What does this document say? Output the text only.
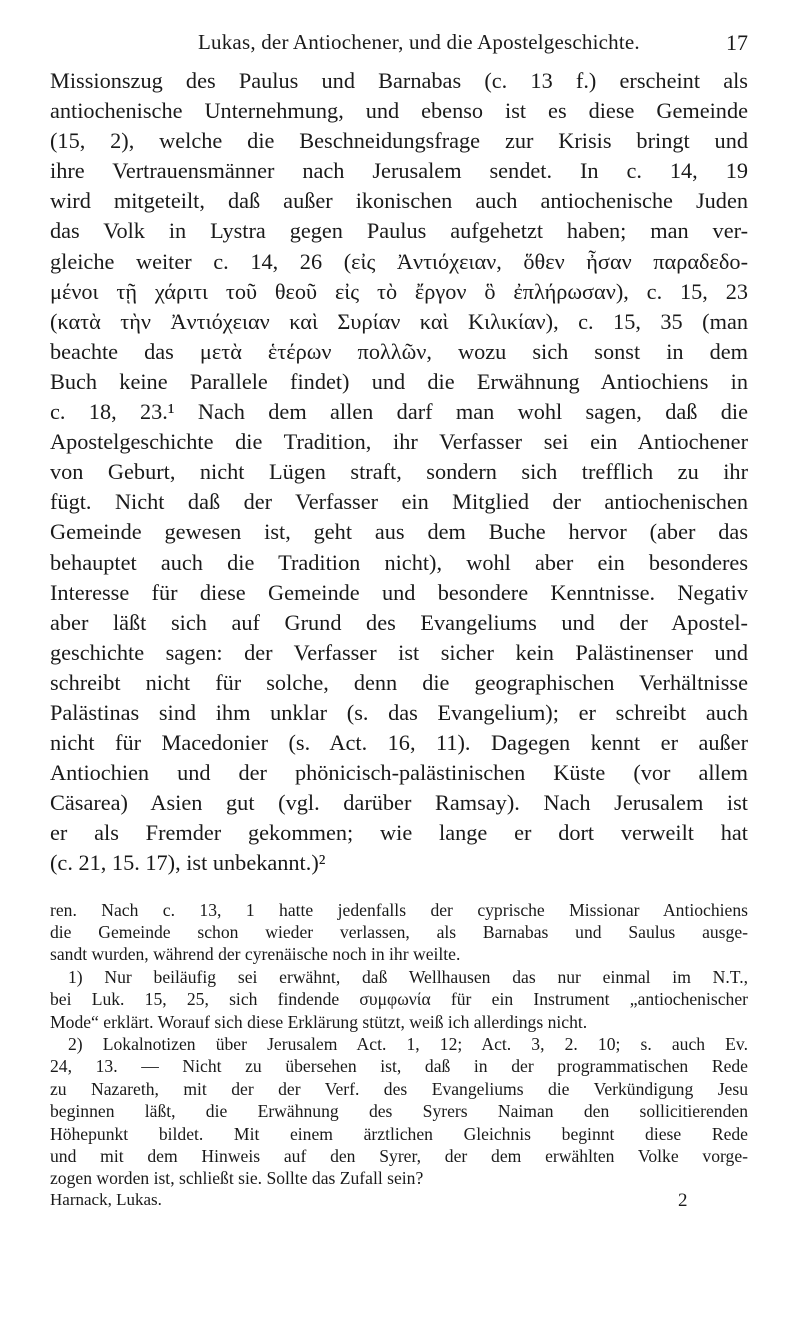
Lukas, der Antiochener, und die Apostelgeschichte.	17
Missionszug des Paulus und Barnabas (c. 13 f.) erscheint als
antiochenische Unternehmung, und ebenso ist es diese Gemeinde
(15, 2), welche die Beschneidungsfrage zur Krisis bringt und
ihre Vertrauensmänner nach Jerusalem sendet. In c. 14, 19
wird mitgeteilt, daß außer ikonischen auch antiochenische Juden
das Volk in Lystra gegen Paulus aufgehetzt haben; man ver-
gleiche weiter c. 14, 26 (εἰς Ἀντιόχειαν, ὅθεν ἦσαν παραδεδο-
μένοι τῇ χάριτι τοῦ θεοῦ εἰς τὸ ἔργον ὃ ἐπλήρωσαν), c. 15, 23
(κατὰ τὴν Ἀντιόχειαν καὶ Συρίαν καὶ Κιλικίαν), c. 15, 35 (man
beachte das μετὰ ἑτέρων πολλῶν, wozu sich sonst in dem
Buch keine Parallele findet) und die Erwähnung Antiochiens in
c. 18, 23.¹ Nach dem allen darf man wohl sagen, daß die
Apostelgeschichte die Tradition, ihr Verfasser sei ein Antiochener
von Geburt, nicht Lügen straft, sondern sich trefflich zu ihr
fügt. Nicht daß der Verfasser ein Mitglied der antiochenischen
Gemeinde gewesen ist, geht aus dem Buche hervor (aber das
behauptet auch die Tradition nicht), wohl aber ein besonderes
Interesse für diese Gemeinde und besondere Kenntnisse. Negativ
aber läßt sich auf Grund des Evangeliums und der Apostel-
geschichte sagen: der Verfasser ist sicher kein Palästinenser und
schreibt nicht für solche, denn die geographischen Verhältnisse
Palästinas sind ihm unklar (s. das Evangelium); er schreibt auch
nicht für Macedonier (s. Act. 16, 11). Dagegen kennt er außer
Antiochien und der phönicisch-palästinischen Küste (vor allem
Cäsarea) Asien gut (vgl. darüber Ramsay). Nach Jerusalem ist
er als Fremder gekommen; wie lange er dort verweilt hat
(c. 21, 15. 17), ist unbekannt.)²
ren. Nach c. 13, 1 hatte jedenfalls der cyprische Missionar Antiochiens
die Gemeinde schon wieder verlassen, als Barnabas und Saulus ausge-
sandt wurden, während der cyrenäische noch in ihr weilte.
1) Nur beiläufig sei erwähnt, daß Wellhausen das nur einmal im N.T.,
bei Luk. 15, 25, sich findende συμφωνία für ein Instrument „antiochenischer
Mode“ erklärt. Worauf sich diese Erklärung stützt, weiß ich allerdings nicht.
2) Lokalnotizen über Jerusalem Act. 1, 12; Act. 3, 2. 10; s. auch Ev.
24, 13. — Nicht zu übersehen ist, daß in der programmatischen Rede
zu Nazareth, mit der der Verf. des Evangeliums die Verkündigung Jesu
beginnen läßt, die Erwähnung des Syrers Naiman den sollicitierenden
Höhepunkt bildet. Mit einem ärztlichen Gleichnis beginnt diese Rede
und mit dem Hinweis auf den Syrer, der dem erwählten Volke vorge-
zogen worden ist, schließt sie. Sollte das Zufall sein?
Harnack, Lukas.	2
